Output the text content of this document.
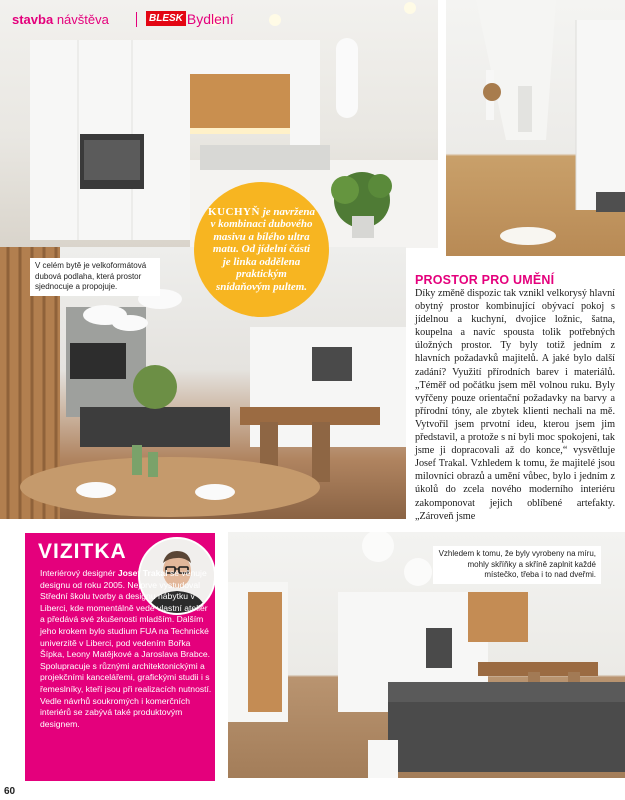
stavba návštěva	BLESK Bydlení
V celém bytě je velkoformátová dubová podlaha, která prostor sjednocuje a propojuje.

KUCHYŇ je navržena v kombinaci dubového masivu a bílého ultra matu. Od jídelní části je linka oddělena praktickým snídaňovým pultem.	PROSTOR PRO UMĚNÍ

Díky změně dispozic tak vznikl velkorysý hlavní obytný prostor kombinující obývací pokoj s jídelnou a kuchyní, dvojice ložnic, šatna, koupelna a navíc spousta tolik potřebných úložných prostor. Ty byly totiž jedním z hlavních požadavků majitelů. A jaké bylo další zadání? Využití přírodních barev i materiálů. „Téměř od počátku jsem měl volnou ruku. Byly vyřčeny pouze orientační požadavky na barvy a přírodní tóny, ale zbytek klienti nechali na mě. Vytvořil jsem prvotní ideu, kterou jsem jim představil, a protože s ní byli moc spokojeni, tak jsme ji dopracovali až do konce,“ vysvětluje Josef Trakal. Vzhledem k tomu, že majitelé jsou milovníci obrazů a umění vůbec, bylo i jedním z úkolů do zcela nového moderního interiéru zakomponovat jejich oblíbené artefakty. „Zároveň jsme

VIZITKA

Interiérový designér Josef Trakal se věnuje designu od roku 2005. Nejprve vystudoval Střední školu tvorby a designu nábytku v Liberci, kde momentálně vede vlastní ateliér a předává své zkušenosti mladším. Dalším jeho krokem bylo studium FUA na Technické univerzitě v Liberci, pod vedením Bořka Šípka, Leony Matějkové a Jaroslava Brabce. Spolupracuje s různými architektonickými a projekčními kancelářemi, grafickými studii i s řemeslníky, kteří jsou při realizacích nutností. Vedle návrhů soukromých i komerčních interiérů se zabývá také produktovým designem.

Vzhledem k tomu, že byly vyrobeny na míru, mohly skříňky a skříně zaplnit každé místečko, třeba i to nad dveřmi.
60
